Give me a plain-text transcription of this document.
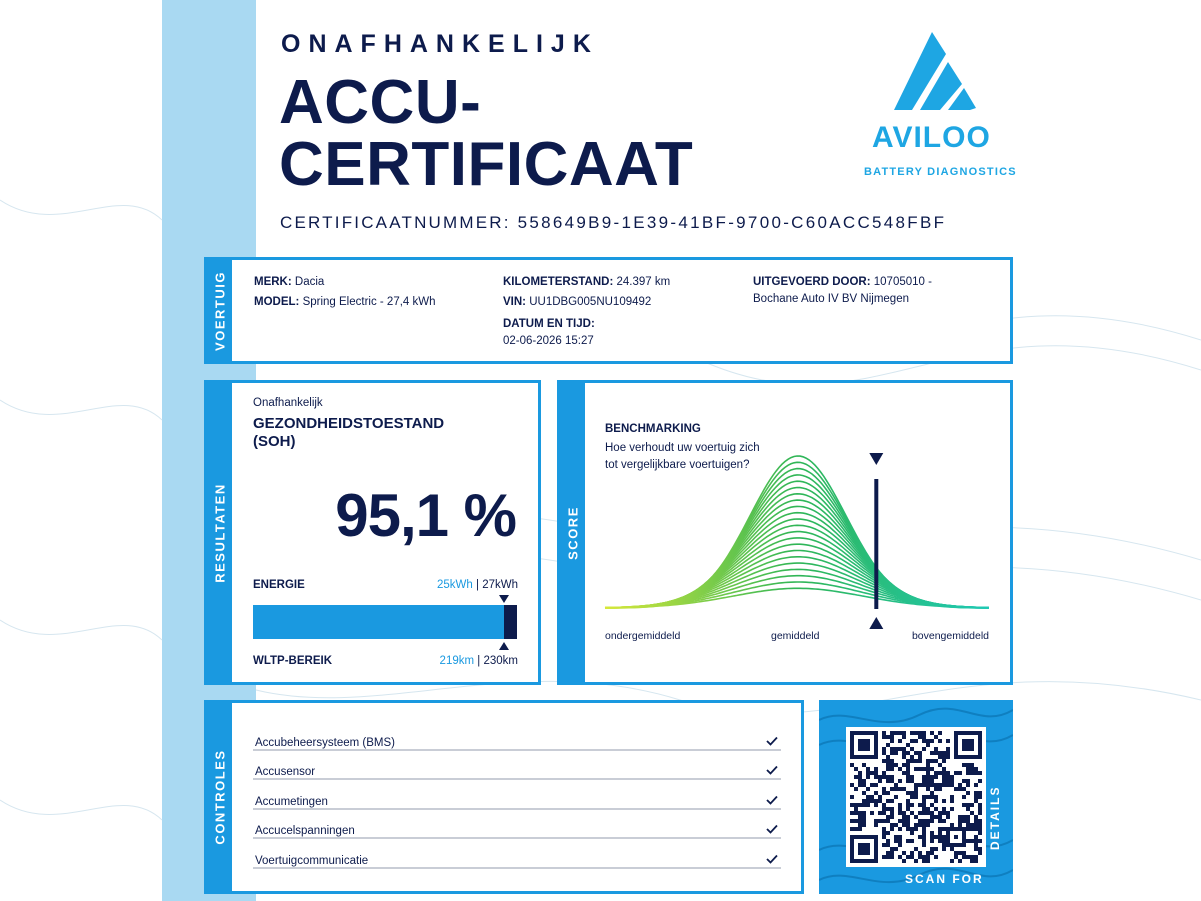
ONAFHANKELIJK
ACCU-
CERTIFICAAT
CERTIFICAATNUMMER: 558649B9-1E39-41BF-9700-C60ACC548FBF
AVILOO
BATTERY DIAGNOSTICS
VOERTUIG MERK: Dacia
MODEL: Spring Electric - 27,4 kWh
KILOMETERSTAND: 24.397 km
VIN: UU1DBG005NU109492
DATUM EN TIJD:
02-06-2026 15:27
UITGEVOERD DOOR: 10705010 -
Bochane Auto IV BV Nijmegen
RESULTATEN
Onafhankelijk
GEZONDHEIDSTOESTAND (SOH)
95,1 %
ENERGIE	25kWh | 27kWh
WLTP-BEREIK	219km | 230km
SCORE
BENCHMARKING
Hoe verhoudt uw voertuig zich tot vergelijkbare voertuigen?
ondergemiddeld	gemiddeld	bovengemiddeld
CONTROLES
Accubeheersysteem (BMS)
Accusensor
Accumetingen
Accucelspanningen
Voertuigcommunicatie
SCAN FOR
DETAILS
